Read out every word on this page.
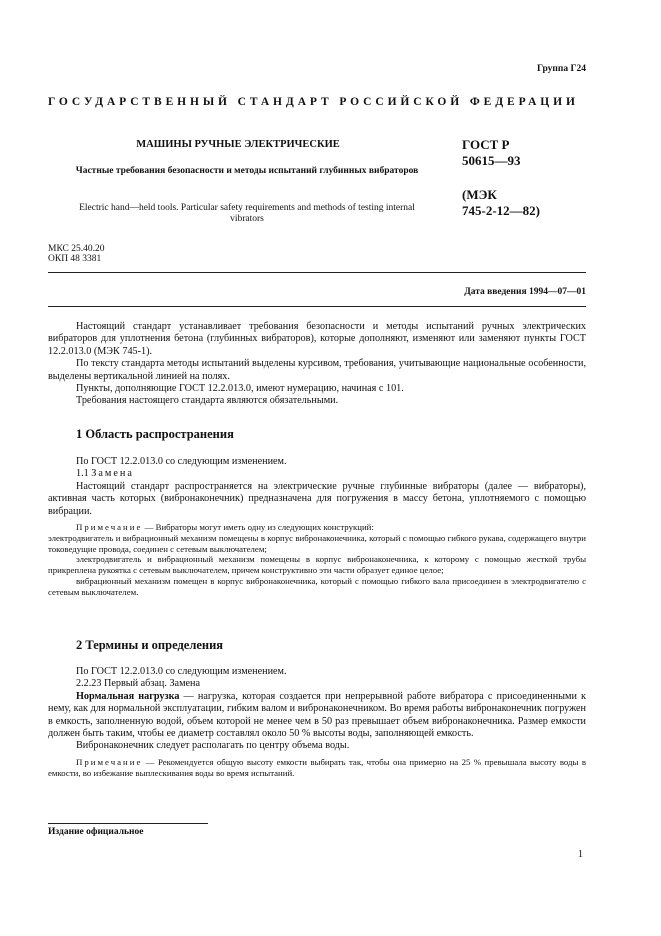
Группа Г24
ГОСУДАРСТВЕННЫЙ СТАНДАРТ РОССИЙСКОЙ ФЕДЕРАЦИИ
МАШИНЫ РУЧНЫЕ ЭЛЕКТРИЧЕСКИЕ
Частные требования безопасности и методы испытаний глубинных вибраторов
Electric hand—held tools. Particular safety requirements and methods of testing internal vibrators
ГОСТ Р
50615—93
(МЭК
745-2-12—82)
МКС 25.40.20
ОКП 48 3381
Дата введения 1994—07—01

Настоящий стандарт устанавливает требования безопасности и методы испытаний ручных электрических вибраторов для уплотнения бетона (глубинных вибраторов), которые дополняют, изменяют или заменяют пункты ГОСТ 12.2.013.0 (МЭК 745-1).

По тексту стандарта методы испытаний выделены курсивом, требования, учитывающие национальные особенности, выделены вертикальной линией на полях.

Пункты, дополняющие ГОСТ 12.2.013.0, имеют нумерацию, начиная с 101.

Требования настоящего стандарта являются обязательными.

1 Область распространения

По ГОСТ 12.2.013.0 со следующим изменением.

1.1 Замена

Настоящий стандарт распространяется на электрические ручные глубинные вибраторы (далее — вибраторы), активная часть которых (вибронаконечник) предназначена для погружения в массу бетона, уплотняемого с помощью вибрации.

Примечание — Вибраторы могут иметь одну из следующих конструкций:

электродвигатель и вибрационный механизм помещены в корпус вибронаконечника, который с помощью гибкого рукава, содержащего внутри токоведущие провода, соединен с сетевым выключателем;

электродвигатель и вибрационный механизм помещены в корпус вибронаконечника, к которому с помощью жесткой трубы прикреплена рукоятка с сетевым выключателем, причем конструктивно эти части образует единое целое;

вибрационный механизм помещен в корпус вибронаконечника, который с помощью гибкого вала присоединен в электродвигателю с сетевым выключателем.

2 Термины и определения

По ГОСТ 12.2.013.0 со следующим изменением.

2.2.23 Первый абзац. Замена

Нормальная нагрузка — нагрузка, которая создается при непрерывной работе вибратора с присоединенными к нему, как для нормальной эксплуатации, гибким валом и вибронаконечником. Во время работы вибронаконечник погружен в емкость, заполненную водой, объем которой не менее чем в 50 раз превышает объем вибронаконечника. Размер емкости должен быть таким, чтобы ее диаметр составлял около 50 % высоты воды, заполняющей емкость.

Вибронаконечник следует располагать по центру объема воды.

Примечание — Рекомендуется общую высоту емкости выбирать так, чтобы она примерно на 25 % превышала высоту воды в емкости, во избежание выплескивания воды во время испытаний.

Издание официальное
1
